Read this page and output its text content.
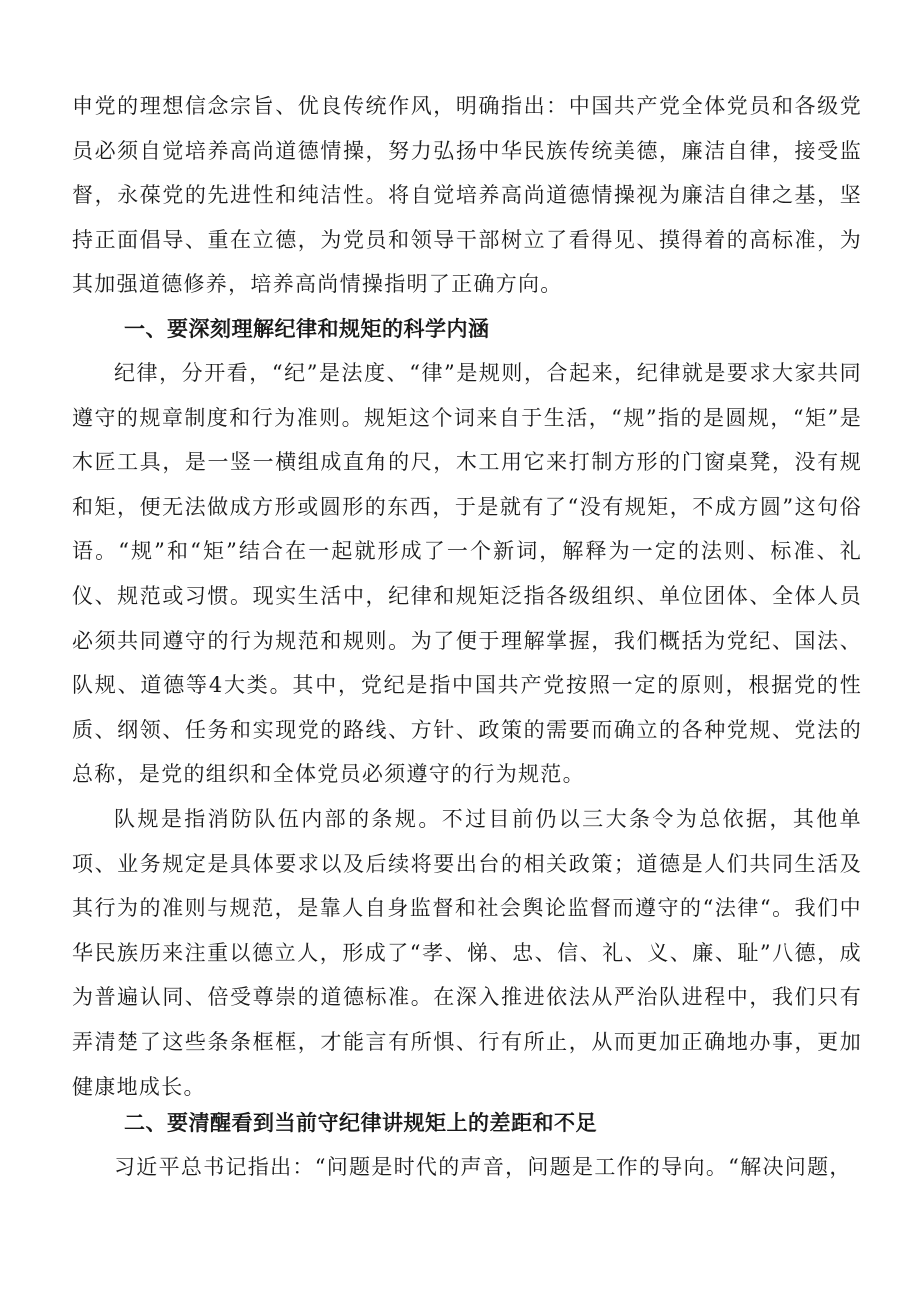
申党的理想信念宗旨、优良传统作风，明确指出：中国共产党全体党员和各级党员必须自觉培养高尚道德情操，努力弘扬中华民族传统美德，廉洁自律，接受监督，永葆党的先进性和纯洁性。将自觉培养高尚道德情操视为廉洁自律之基，坚持正面倡导、重在立德，为党员和领导干部树立了看得见、摸得着的高标准，为其加强道德修养，培养高尚情操指明了正确方向。

一、要深刻理解纪律和规矩的科学内涵

纪律，分开看，“纪”是法度、“律”是规则，合起来，纪律就是要求大家共同遵守的规章制度和行为准则。规矩这个词来自于生活，“规”指的是圆规，“矩”是木匠工具，是一竖一横组成直角的尺，木工用它来打制方形的门窗桌凳，没有规和矩，便无法做成方形或圆形的东西，于是就有了“没有规矩，不成方圆”这句俗语。“规”和“矩”结合在一起就形成了一个新词，解释为一定的法则、标准、礼仪、规范或习惯。现实生活中，纪律和规矩泛指各级组织、单位团体、全体人员必须共同遵守的行为规范和规则。为了便于理解掌握，我们概括为党纪、国法、队规、道德等4大类。其中，党纪是指中国共产党按照一定的原则，根据党的性质、纲领、任务和实现党的路线、方针、政策的需要而确立的各种党规、党法的总称，是党的组织和全体党员必须遵守的行为规范。

队规是指消防队伍内部的条规。不过目前仍以三大条令为总依据，其他单项、业务规定是具体要求以及后续将要出台的相关政策；道德是人们共同生活及其行为的准则与规范，是靠人自身监督和社会舆论监督而遵守的“法律“。我们中华民族历来注重以德立人，形成了“孝、悌、忠、信、礼、义、廉、耻”八德，成为普遍认同、倍受尊崇的道德标准。在深入推进依法从严治队进程中，我们只有弄清楚了这些条条框框，才能言有所惧、行有所止，从而更加正确地办事，更加健康地成长。

二、要清醒看到当前守纪律讲规矩上的差距和不足

习近平总书记指出：“问题是时代的声音，问题是工作的导向。“解决问题，
